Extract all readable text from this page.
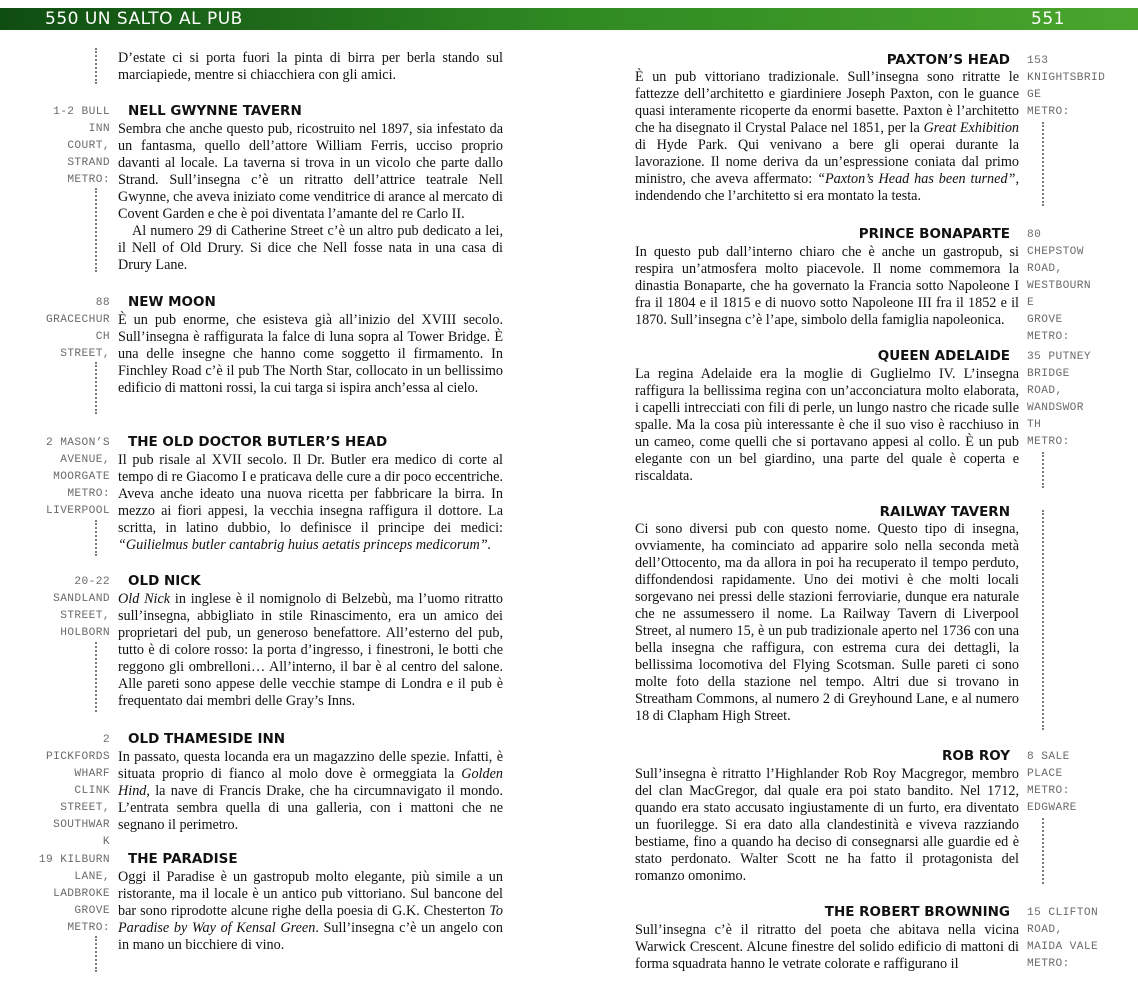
550 UN SALTO AL PUB

D’estate ci si porta fuori la pinta di birra per berla stando sul marciapiede, mentre si chiacchiera con gli amici.

1-2 BULL
INN
COURT,
STRAND
METRO:
NELL GWYNNE TAVERN

Sembra che anche questo pub, ricostruito nel 1897, sia infestato da un fantasma, quello dell’attore William Ferris, ucciso proprio davanti al locale. La taverna si trova in un vicolo che parte dallo Strand. Sull’insegna c’è un ritratto dell’attrice teatrale Nell Gwynne, che aveva iniziato come venditrice di arance al mercato di Covent Garden e che è poi diventata l’amante del re Carlo II.

Al numero 29 di Catherine Street c’è un altro pub dedicato a lei, il Nell of Old Drury. Si dice che Nell fosse nata in una casa di Drury Lane.

88
GRACECHUR
CH
STREET,
NEW MOON

È un pub enorme, che esisteva già all’inizio del XVIII secolo. Sull’insegna è raffigurata la falce di luna sopra al Tower Bridge. È una delle insegne che hanno come soggetto il firmamento. In Finchley Road c’è il pub The North Star, collocato in un bellissimo edificio di mattoni rossi, la cui targa si ispira anch’essa al cielo.

2 MASON’S
AVENUE,
MOORGATE
METRO:
LIVERPOOL
THE OLD DOCTOR BUTLER’S HEAD

Il pub risale al XVII secolo. Il Dr. Butler era medico di corte al tempo di re Giacomo I e praticava delle cure a dir poco eccentriche. Aveva anche ideato una nuova ricetta per fabbricare la birra. In mezzo ai fiori appesi, la vecchia insegna raffigura il dottore. La scritta, in latino dubbio, lo definisce il principe dei medici: “Guilielmus butler cantabrig huius aetatis princeps medicorum”.

20-22
SANDLAND
STREET,
HOLBORN
OLD NICK

Old Nick in inglese è il nomignolo di Belzebù, ma l’uomo ritratto sull’insegna, abbigliato in stile Rinascimento, era un amico dei proprietari del pub, un generoso benefattore. All’esterno del pub, tutto è di colore rosso: la porta d’ingresso, i finestroni, le botti che reggono gli ombrelloni… All’interno, il bar è al centro del salone. Alle pareti sono appese delle vecchie stampe di Londra e il pub è frequentato dai membri delle Gray’s Inns.

2
PICKFORDS
WHARF
CLINK
STREET,
SOUTHWAR
K
OLD THAMESIDE INN

In passato, questa locanda era un magazzino delle spezie. Infatti, è situata proprio di fianco al molo dove è ormeggiata la Golden Hind, la nave di Francis Drake, che ha circumnavigato il mondo. L’entrata sembra quella di una galleria, con i mattoni che ne segnano il perimetro.

19 KILBURN
LANE,
LADBROKE
GROVE
METRO:
THE PARADISE

Oggi il Paradise è un gastropub molto elegante, più simile a un ristorante, ma il locale è un antico pub vittoriano. Sul bancone del bar sono riprodotte alcune righe della poesia di G.K. Chesterton To Paradise by Way of Kensal Green. Sull’insegna c’è un angelo con in mano un bicchiere di vino.

551
PAXTON’S HEAD

È un pub vittoriano tradizionale. Sull’insegna sono ritratte le fattezze dell’architetto e giardiniere Joseph Paxton, con le guance quasi interamente ricoperte da enormi basette. Paxton è l’architetto che ha disegnato il Crystal Palace nel 1851, per la Great Exhibition di Hyde Park. Qui venivano a bere gli operai durante la lavorazione. Il nome deriva da un’espressione coniata dal primo ministro, che aveva affermato: “Paxton’s Head has been turned”, indendendo che l’architetto si era montato la testa.

153
KNIGHTSBRID
GE
METRO:
PRINCE BONAPARTE

In questo pub dall’interno chiaro che è anche un gastropub, si respira un’atmosfera molto piacevole. Il nome commemora la dinastia Bonaparte, che ha governato la Francia sotto Napoleone I fra il 1804 e il 1815 e di nuovo sotto Napoleone III fra il 1852 e il 1870. Sull’insegna c’è l’ape, simbolo della famiglia napoleonica.

80
CHEPSTOW
ROAD,
WESTBOURN
E
GROVE
METRO:
QUEEN ADELAIDE

La regina Adelaide era la moglie di Guglielmo IV. L’insegna raffigura la bellissima regina con un’acconciatura molto elaborata, i capelli intrecciati con fili di perle, un lungo nastro che ricade sulle spalle. Ma la cosa più interessante è che il suo viso è racchiuso in un cameo, come quelli che si portavano appesi al collo. È un pub elegante con un bel giardino, una parte del quale è coperta e riscaldata.

35 PUTNEY
BRIDGE
ROAD,
WANDSWOR
TH
METRO:
RAILWAY TAVERN

Ci sono diversi pub con questo nome. Questo tipo di insegna, ovviamente, ha cominciato ad apparire solo nella seconda metà dell’Ottocento, ma da allora in poi ha recuperato il tempo perduto, diffondendosi rapidamente. Uno dei motivi è che molti locali sorgevano nei pressi delle stazioni ferroviarie, dunque era naturale che ne assumessero il nome. La Railway Tavern di Liverpool Street, al numero 15, è un pub tradizionale aperto nel 1736 con una bella insegna che raffigura, con estrema cura dei dettagli, la bellissima locomotiva del Flying Scotsman. Sulle pareti ci sono molte foto della stazione nel tempo. Altri due si trovano in Streatham Commons, al numero 2 di Greyhound Lane, e al numero 18 di Clapham High Street.

ROB ROY

Sull’insegna è ritratto l’Highlander Rob Roy Macgregor, membro del clan MacGregor, dal quale era poi stato bandito. Nel 1712, quando era stato accusato ingiustamente di un furto, era diventato un fuorilegge. Si era dato alla clandestinità e viveva razziando bestiame, fino a quando ha deciso di consegnarsi alle guardie ed è stato perdonato. Walter Scott ne ha fatto il protagonista del romanzo omonimo.

8 SALE
PLACE
METRO:
EDGWARE
THE ROBERT BROWNING

Sull’insegna c’è il ritratto del poeta che abitava nella vicina Warwick Crescent. Alcune finestre del solido edificio di mattoni di forma squadrata hanno le vetrate colorate e raffigurano il

15 CLIFTON
ROAD,
MAIDA VALE
METRO:
